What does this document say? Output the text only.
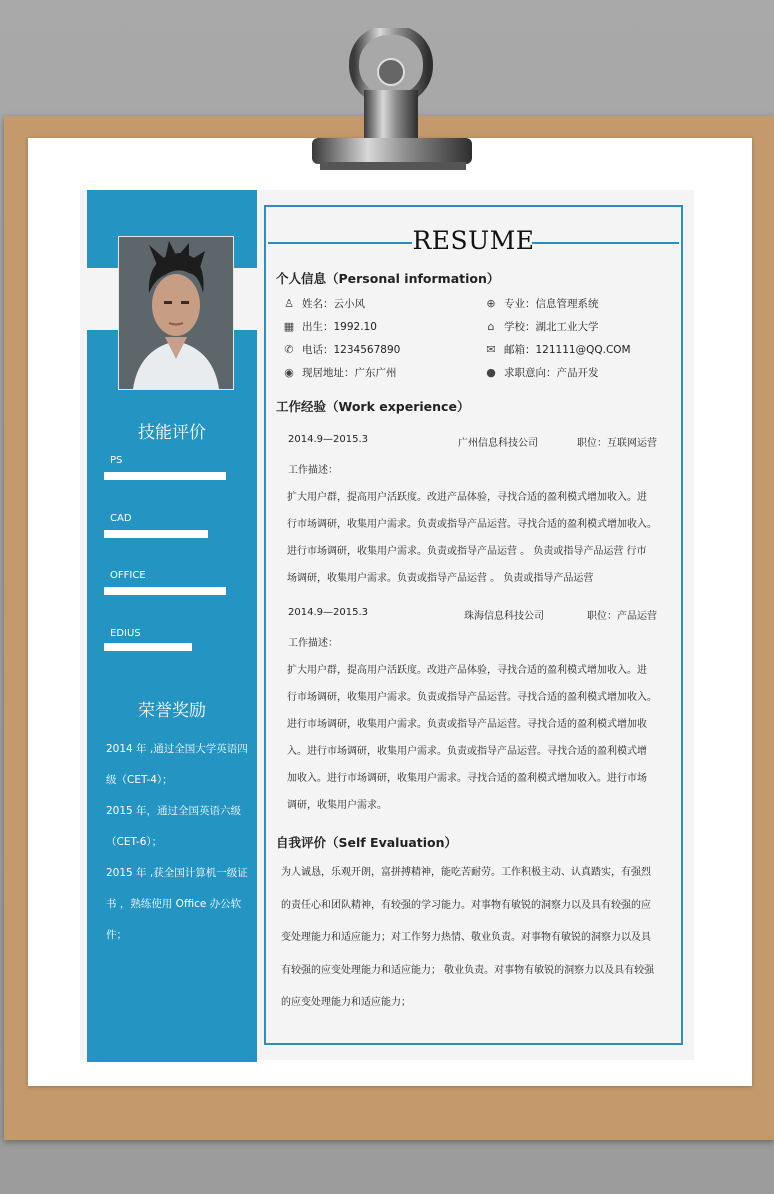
技能评价
PS
CAD
OFFICE
EDIUS
荣誉奖励
2014 年 ,通过全国大学英语四
级（CET-4）；
2015 年，通过全国英语六级
（CET-6）；
2015 年 ,获全国计算机一级证
书 ，熟练使用 Office 办公软
件；
RESUME
个人信息（Personal information）
♙ 姓名：云小风	⊕ 专业：信息管理系统
▦ 出生：1992.10	⌂ 学校：湖北工业大学
✆ 电话：1234567890	✉ 邮箱：121111@QQ.COM
◉ 现居地址：广东广州	● 求职意向：产品开发
工作经验（Work experience）
2014.9—2015.3	广州信息科技公司	职位：互联网运营
工作描述：
扩大用户群，提高用户活跃度。改进产品体验，寻找合适的盈利模式增加收入。进
行市场调研，收集用户需求。负责或指导产品运营。寻找合适的盈利模式增加收入。
进行市场调研，收集用户需求。负责或指导产品运营 。 负责或指导产品运营 行市
场调研，收集用户需求。负责或指导产品运营 。 负责或指导产品运营
2014.9—2015.3	珠海信息科技公司	职位：产品运营
工作描述：
扩大用户群，提高用户活跃度。改进产品体验，寻找合适的盈利模式增加收入。进
行市场调研，收集用户需求。负责或指导产品运营。寻找合适的盈利模式增加收入。
进行市场调研，收集用户需求。负责或指导产品运营。寻找合适的盈利模式增加收
入。进行市场调研，收集用户需求。负责或指导产品运营。寻找合适的盈利模式增
加收入。进行市场调研，收集用户需求。寻找合适的盈利模式增加收入。进行市场
调研，收集用户需求。
自我评价（Self Evaluation）
为人诚恳，乐观开朗，富拼搏精神，能吃苦耐劳。工作积极主动、认真踏实，有强烈
的责任心和团队精神，有较强的学习能力。对事物有敏锐的洞察力以及具有较强的应
变处理能力和适应能力；对工作努力热情、敬业负责。对事物有敏锐的洞察力以及具
有较强的应变处理能力和适应能力； 敬业负责。对事物有敏锐的洞察力以及具有较强
的应变处理能力和适应能力；
